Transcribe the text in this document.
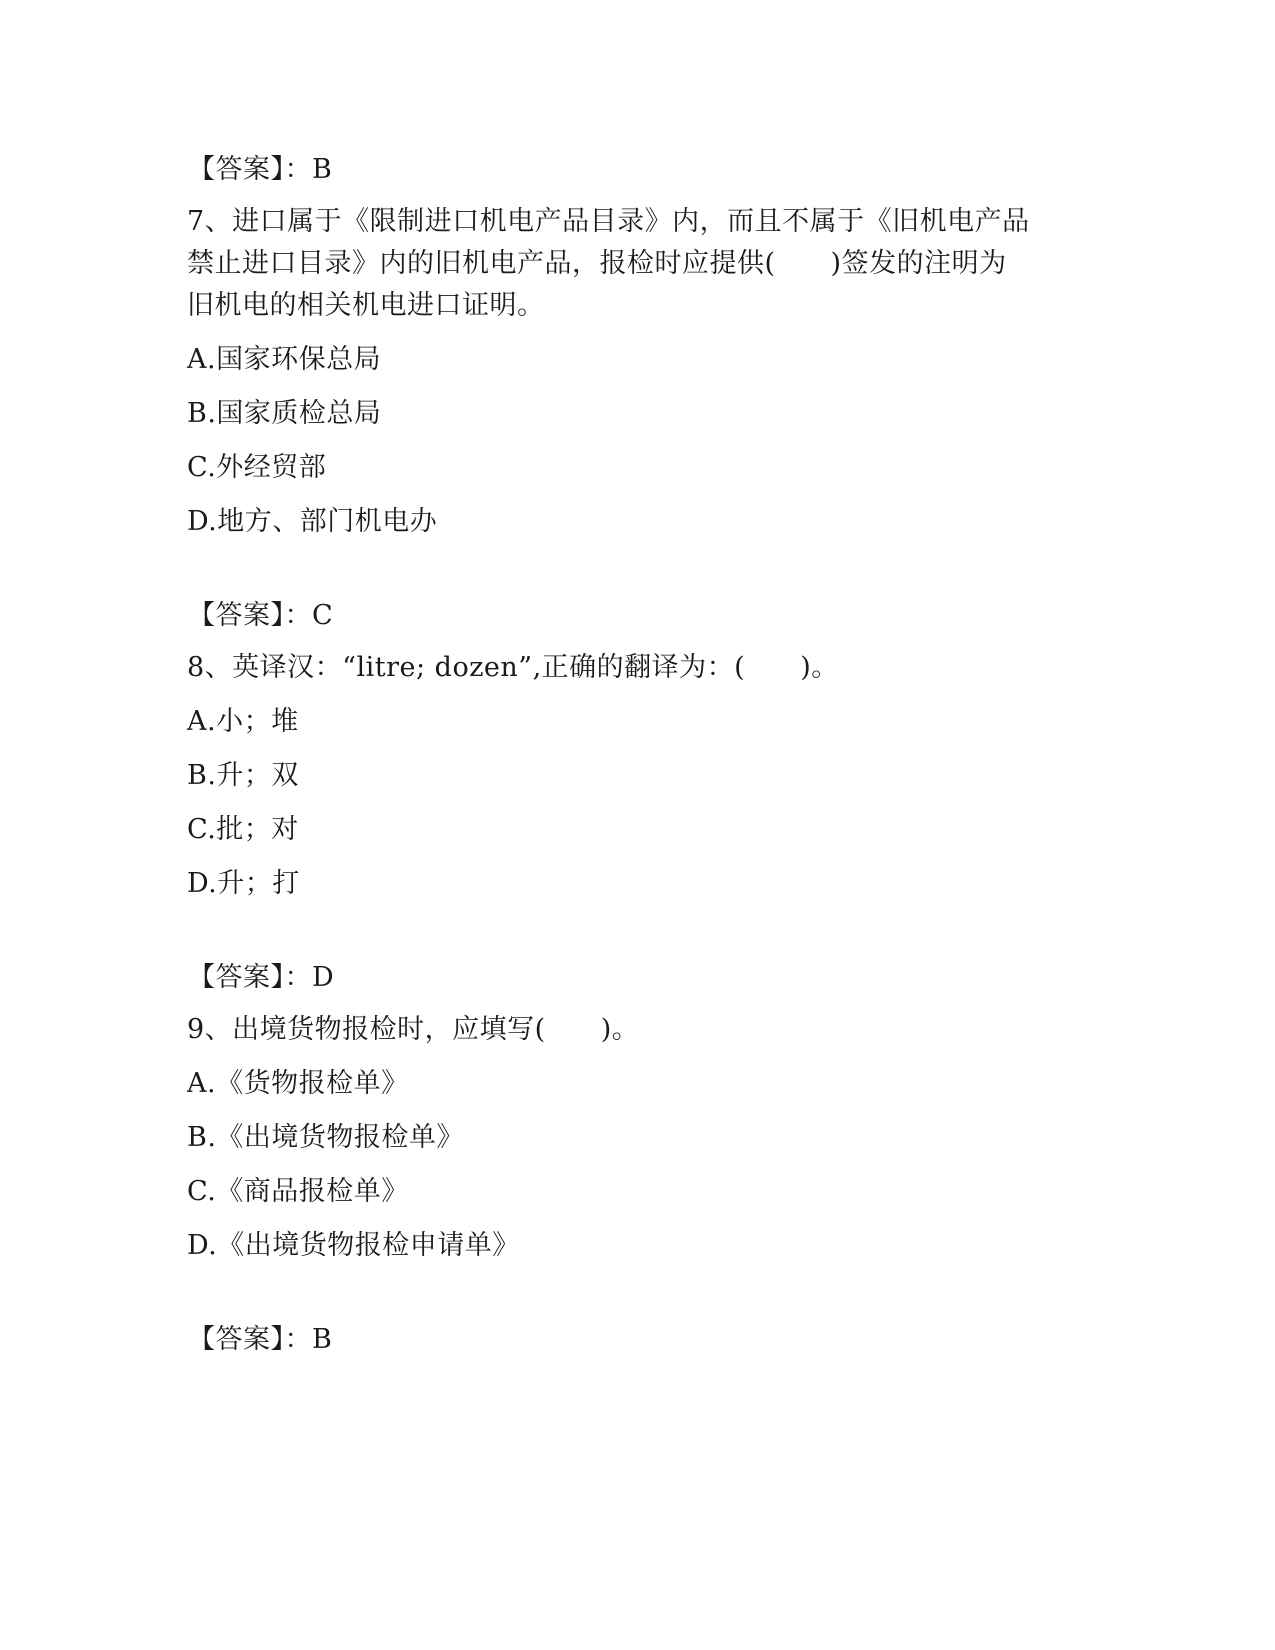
【答案】：B
7、进口属于《限制进口机电产品目录》内，而且不属于《旧机电产品
禁止进口目录》内的旧机电产品，报检时应提供(　　)签发的注明为
旧机电的相关机电进口证明。
A.国家环保总局
B.国家质检总局
C.外经贸部
D.地方、部门机电办
【答案】：C
8、英译汉：“litre; dozen”,正确的翻译为：(　　)。
A.小；堆
B.升；双
C.批；对
D.升；打
【答案】：D
9、出境货物报检时，应填写(　　)。
A.《货物报检单》
B.《出境货物报检单》
C.《商品报检单》
D.《出境货物报检申请单》
【答案】：B
